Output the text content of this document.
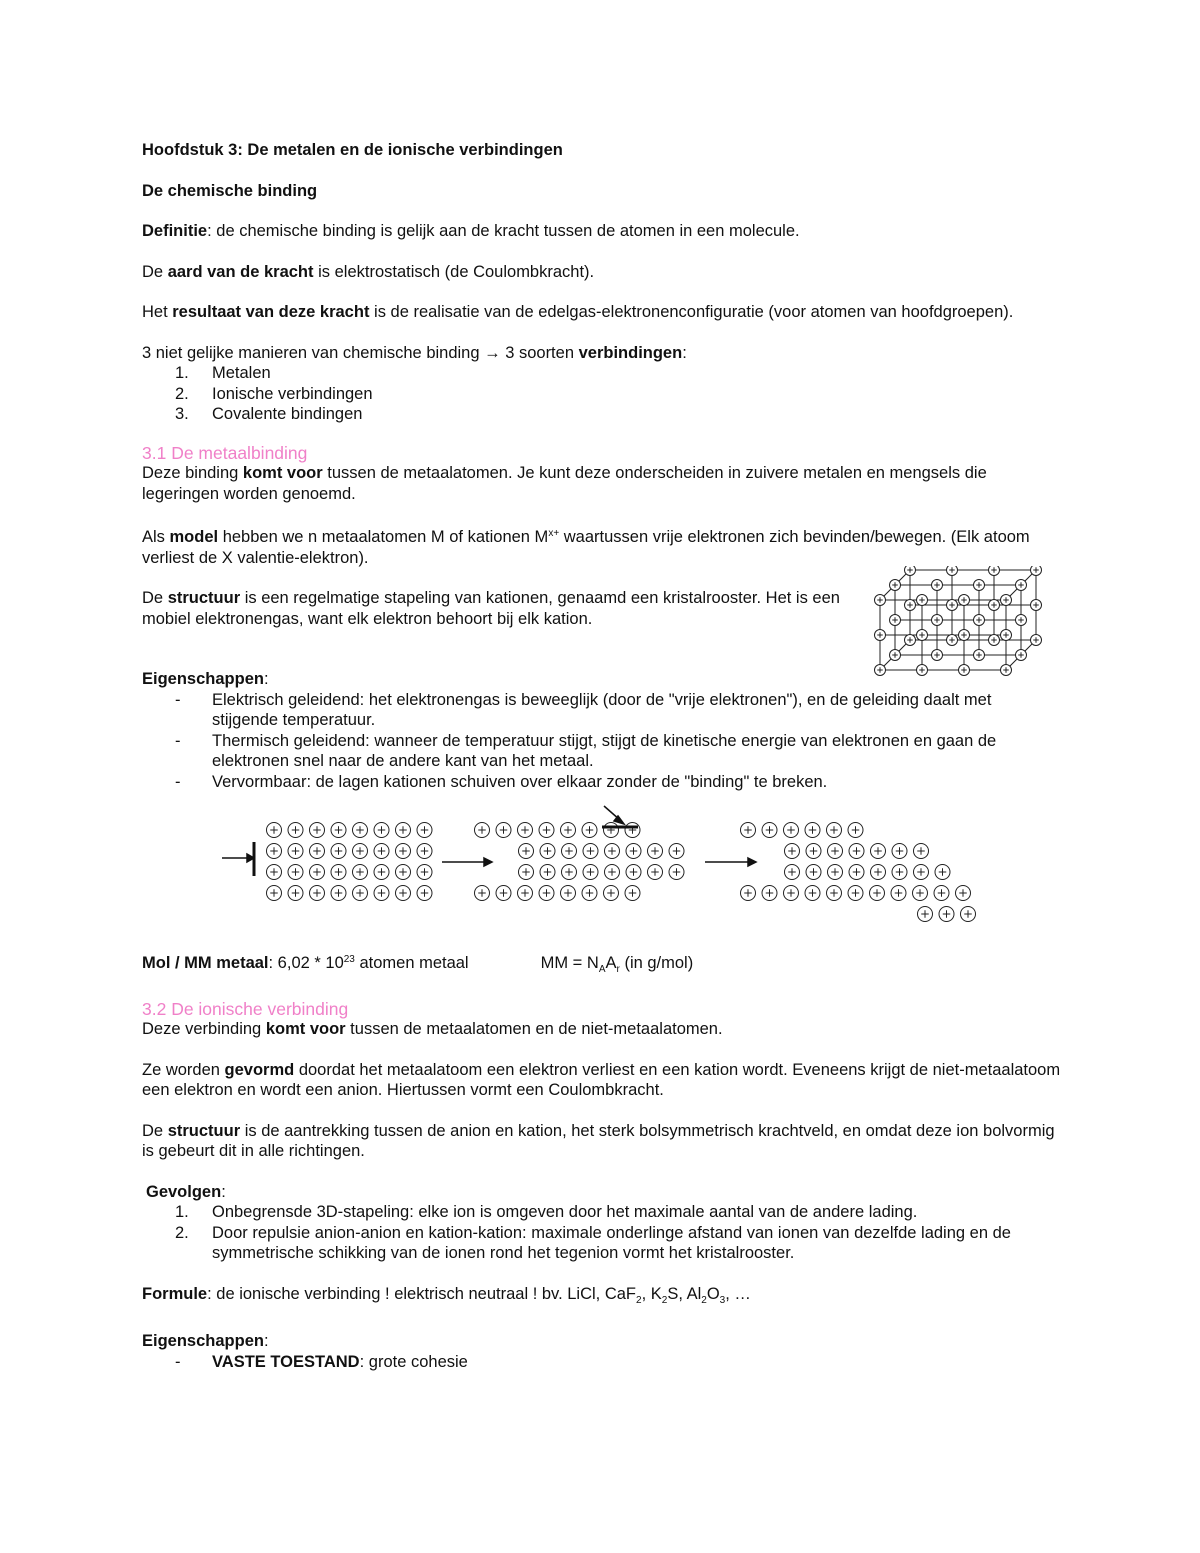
Hoofdstuk 3: De metalen en de ionische verbindingen

De chemische binding

Definitie: de chemische binding is gelijk aan de kracht tussen de atomen in een molecule.

De aard van de kracht is elektrostatisch (de Coulombkracht).

Het resultaat van deze kracht is de realisatie van de edelgas-elektronenconfiguratie (voor atomen van hoofdgroepen).

3 niet gelijke manieren van chemische binding → 3 soorten verbindingen:

1. Metalen
2. Ionische verbindingen
3. Covalente bindingen

3.1 De metaalbinding

Deze binding komt voor tussen de metaalatomen. Je kunt deze onderscheiden in zuivere metalen en mengsels die legeringen worden genoemd.

Als model hebben we n metaalatomen M of kationen $M^{x+}$ waartussen vrije elektronen zich bevinden/bewegen. (Elk atoom verliest de X valentie-elektron).

De structuur is een regelmatige stapeling van kationen, genaamd een kristalrooster. Het is een mobiel elektronengas, want elk elektron behoort bij elk kation.

Eigenschappen:

- Elektrisch geleidend: het elektronengas is beweeglijk (door de "vrije elektronen"), en de geleiding daalt met stijgende temperatuur.
- Thermisch geleidend: wanneer de temperatuur stijgt, stijgt de kinetische energie van elektronen en gaan de elektronen snel naar de andere kant van het metaal.
- Vervormbaar: de lagen kationen schuiven over elkaar zonder de "binding" te breken.

Mol / MM metaal: $6,02 * 10^{23}$ atomen metaal	MM = $N_AA_r$ (in g/mol)

3.2 De ionische verbinding

Deze verbinding komt voor tussen de metaalatomen en de niet-metaalatomen.

Ze worden gevormd doordat het metaalatoom een elektron verliest en een kation wordt. Eveneens krijgt de niet-metaalatoom een elektron en wordt een anion. Hiertussen vormt een Coulombkracht.

De structuur is de aantrekking tussen de anion en kation, het sterk bolsymmetrisch krachtveld, en omdat deze ion bolvormig is gebeurt dit in alle richtingen.

Gevolgen:

1. Onbegrensde 3D-stapeling: elke ion is omgeven door het maximale aantal van de andere lading.
2. Door repulsie anion-anion en kation-kation: maximale onderlinge afstand van ionen van dezelfde lading en de symmetrische schikking van de ionen rond het tegenion vormt het kristalrooster.

Formule: de ionische verbinding ! elektrisch neutraal ! bv. LiCl, CaF$_2$, $K_2S$, $Al_2O_3$, …

Eigenschappen:

- VASTE TOESTAND: grote cohesie
